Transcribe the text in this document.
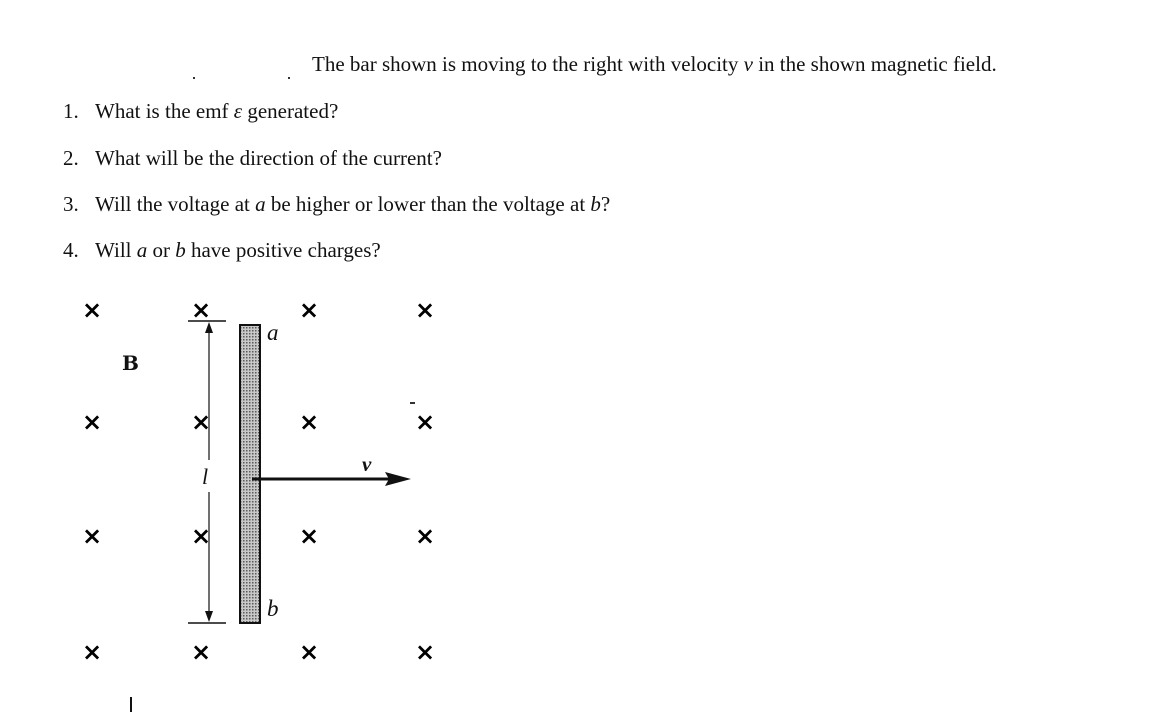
The bar shown is moving to the right with velocity v in the shown magnetic field.
1. What is the emf ε generated?
2. What will be the direction of the current?
3. Will the voltage at a be higher or lower than the voltage at b?
4. Will a or b have positive charges?
×
×
×
×
×
×
×
×
×
×
×
×
×
×
×
×
a
b
l	v
B
